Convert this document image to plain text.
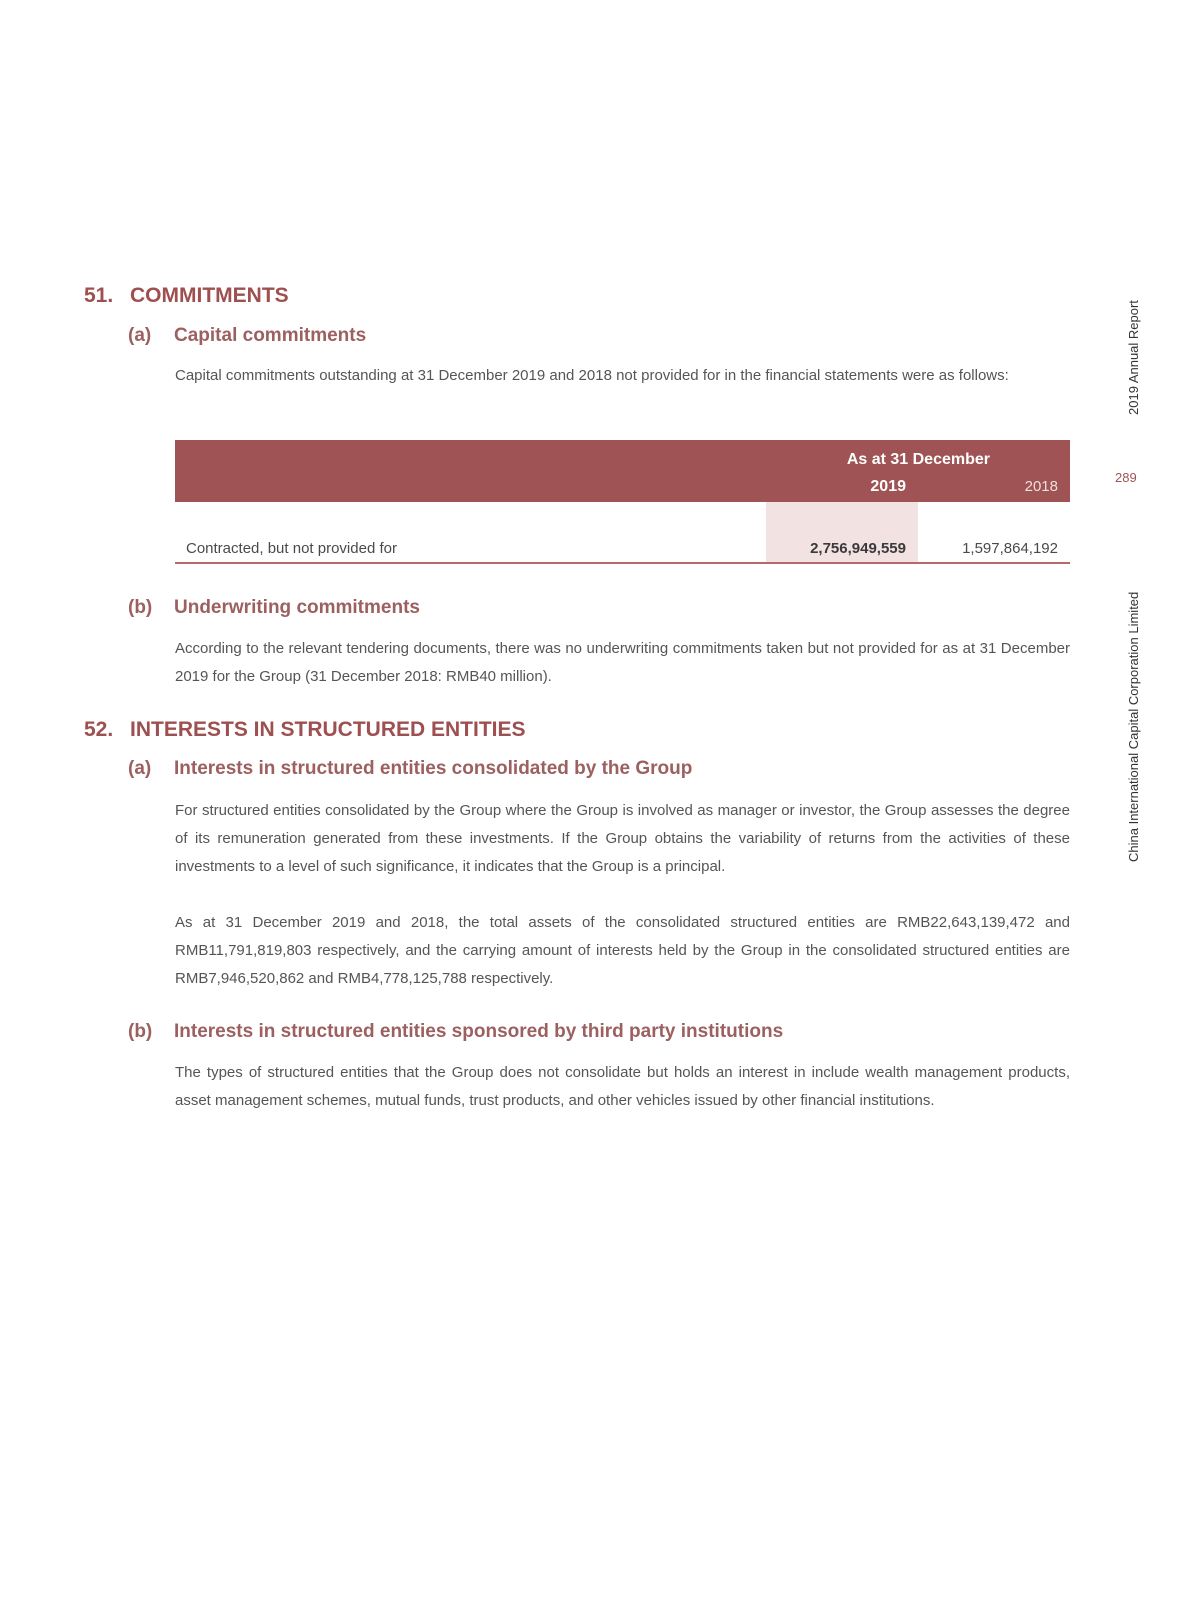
51. COMMITMENTS
(a) Capital commitments
Capital commitments outstanding at 31 December 2019 and 2018 not provided for in the financial statements were as follows:
As at 31 December
2019	2018
Contracted, but not provided for	2,756,949,559	1,597,864,192
(b) Underwriting commitments
According to the relevant tendering documents, there was no underwriting commitments taken but not provided for as at 31 December 2019 for the Group (31 December 2018: RMB40 million).
52. INTERESTS IN STRUCTURED ENTITIES
(a) Interests in structured entities consolidated by the Group
For structured entities consolidated by the Group where the Group is involved as manager or investor, the Group assesses the degree of its remuneration generated from these investments. If the Group obtains the variability of returns from the activities of these investments to a level of such significance, it indicates that the Group is a principal.
As at 31 December 2019 and 2018, the total assets of the consolidated structured entities are RMB22,643,139,472 and RMB11,791,819,803 respectively, and the carrying amount of interests held by the Group in the consolidated structured entities are RMB7,946,520,862 and RMB4,778,125,788 respectively.
(b) Interests in structured entities sponsored by third party institutions
The types of structured entities that the Group does not consolidate but holds an interest in include wealth management products, asset management schemes, mutual funds, trust products, and other vehicles issued by other financial institutions.
2019 Annual Report
289
China International Capital Corporation Limited
